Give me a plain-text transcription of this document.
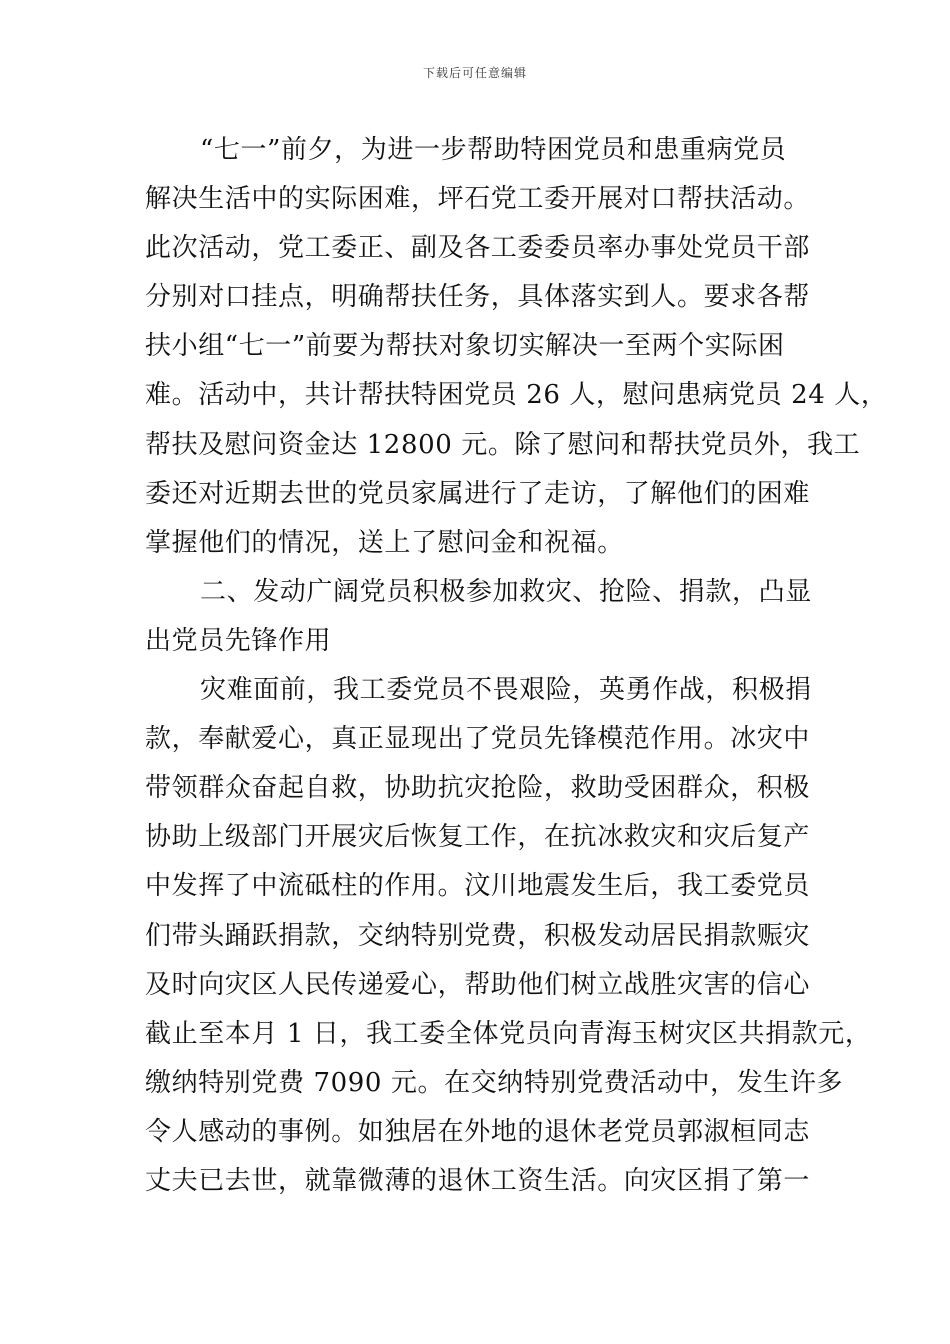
下载后可任意编辑
“七一”前夕，为进一步帮助特困党员和患重病党员
解决生活中的实际困难，坪石党工委开展对口帮扶活动。
此次活动，党工委正、副及各工委委员率办事处党员干部
分别对口挂点，明确帮扶任务，具体落实到人。要求各帮
扶小组“七一”前要为帮扶对象切实解决一至两个实际困
难。活动中，共计帮扶特困党员 26 人，慰问患病党员 24 人，
帮扶及慰问资金达 12800 元。除了慰问和帮扶党员外，我工
委还对近期去世的党员家属进行了走访，了解他们的困难
掌握他们的情况，送上了慰问金和祝福。
二、发动广阔党员积极参加救灾、抢险、捐款，凸显
出党员先锋作用
灾难面前，我工委党员不畏艰险，英勇作战，积极捐
款，奉献爱心，真正显现出了党员先锋模范作用。冰灾中
带领群众奋起自救，协助抗灾抢险，救助受困群众，积极
协助上级部门开展灾后恢复工作，在抗冰救灾和灾后复产
中发挥了中流砥柱的作用。汶川地震发生后，我工委党员
们带头踊跃捐款，交纳特别党费，积极发动居民捐款赈灾
及时向灾区人民传递爱心，帮助他们树立战胜灾害的信心
截止至本月 1 日，我工委全体党员向青海玉树灾区共捐款元，
缴纳特别党费 7090 元。在交纳特别党费活动中，发生许多
令人感动的事例。如独居在外地的退休老党员郭淑桓同志
丈夫已去世，就靠微薄的退休工资生活。向灾区捐了第一
